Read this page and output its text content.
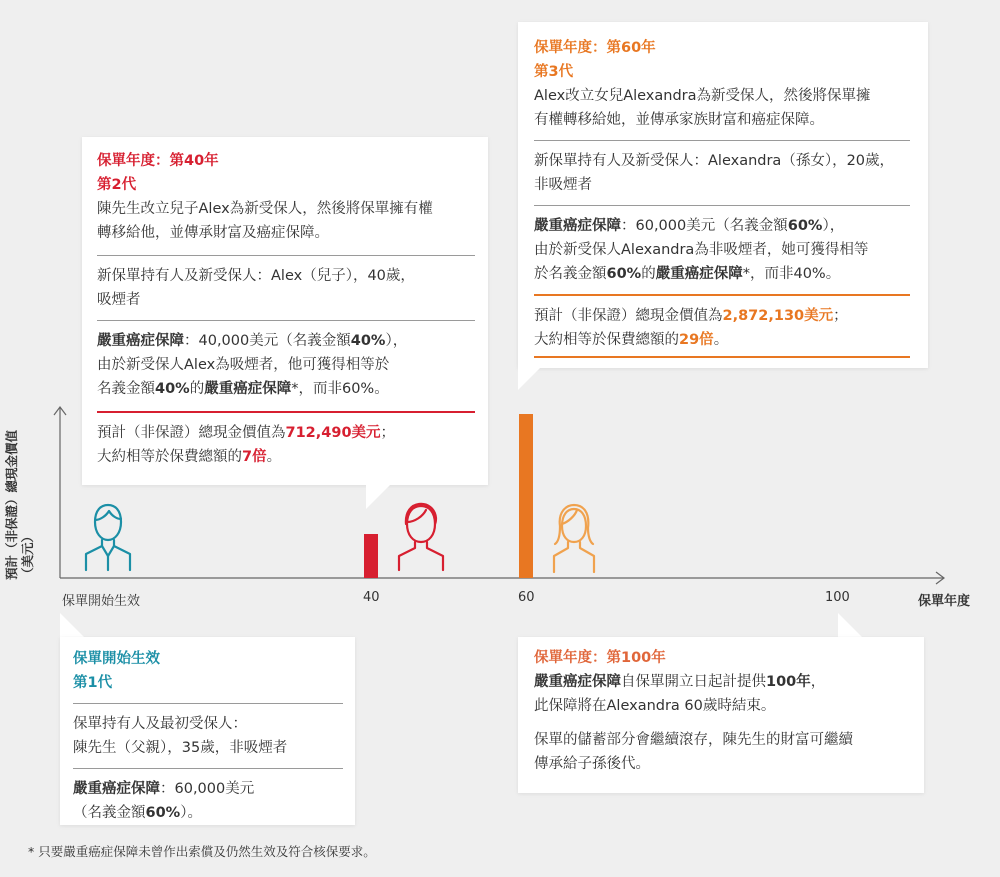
保單年度：第60年
第3代
Alex改立女兒Alexandra為新受保人，然後將保單擁
有權轉移給她，並傳承家族財富和癌症保障。
新保單持有人及新受保人：Alexandra（孫女），20歲，
非吸煙者
嚴重癌症保障：60,000美元（名義金額60%），
由於新受保人Alexandra為非吸煙者，她可獲得相等
於名義金額60%的嚴重癌症保障*，而非40%。
預計（非保證）總現金價值為2,872,130美元；
大約相等於保費總額的29倍。
保單年度：第40年
第2代
陳先生改立兒子Alex為新受保人，然後將保單擁有權
轉移給他，並傳承財富及癌症保障。
新保單持有人及新受保人：Alex（兒子），40歲，
吸煙者
嚴重癌症保障：40,000美元（名義金額40%），
由於新受保人Alex為吸煙者，他可獲得相等於
名義金額40%的嚴重癌症保障*，而非60%。
預計（非保證）總現金價值為712,490美元；
大約相等於保費總額的7倍。
預計（非保證）總現金價值 （美元）
保單開始生效	40	60	100	保單年度
保單開始生效
第1代
保單持有人及最初受保人：
陳先生（父親），35歲，非吸煙者
嚴重癌症保障：60,000美元
（名義金額60%）。
保單年度：第100年
嚴重癌症保障自保單開立日起計提供100年，
此保障將在Alexandra 60歲時結束。
保單的儲蓄部分會繼續滾存，陳先生的財富可繼續
傳承給子孫後代。
* 只要嚴重癌症保障未曾作出索償及仍然生效及符合核保要求。
